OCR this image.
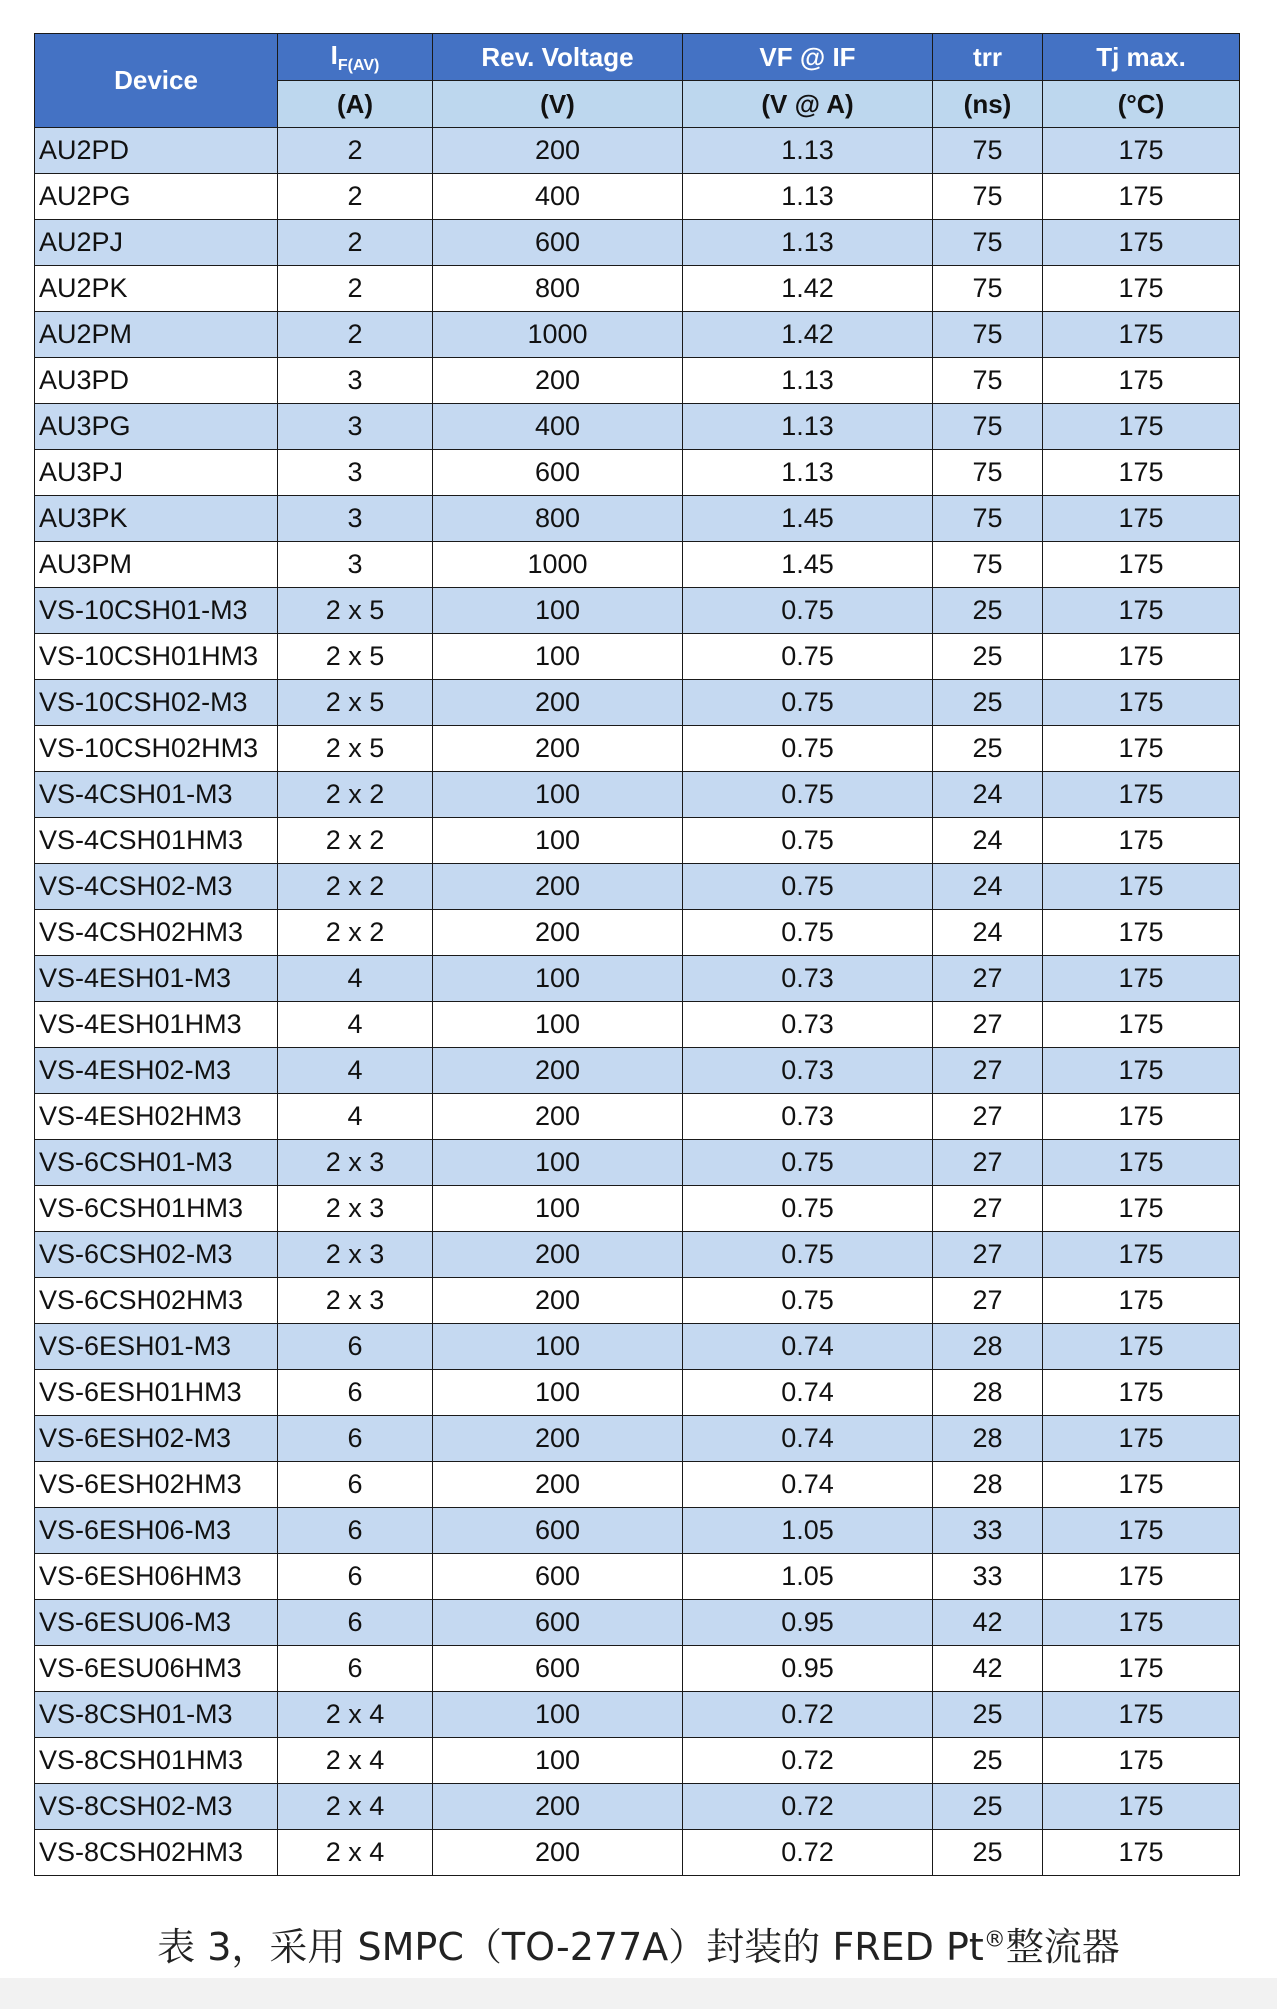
Device	$I_{F(AV)}$	Rev. Voltage	VF @ IF	trr	Tj max.
	(A)	(V)	(V @ A)	(ns)	(°C)
AU2PD	2	200	1.13	75	175
AU2PG	2	400	1.13	75	175
AU2PJ	2	600	1.13	75	175
AU2PK	2	800	1.42	75	175
AU2PM	2	1000	1.42	75	175
AU3PD	3	200	1.13	75	175
AU3PG	3	400	1.13	75	175
AU3PJ	3	600	1.13	75	175
AU3PK	3	800	1.45	75	175
AU3PM	3	1000	1.45	75	175
VS-10CSH01-M3	2 x 5	100	0.75	25	175
VS-10CSH01HM3	2 x 5	100	0.75	25	175
VS-10CSH02-M3	2 x 5	200	0.75	25	175
VS-10CSH02HM3	2 x 5	200	0.75	25	175
VS-4CSH01-M3	2 x 2	100	0.75	24	175
VS-4CSH01HM3	2 x 2	100	0.75	24	175
VS-4CSH02-M3	2 x 2	200	0.75	24	175
VS-4CSH02HM3	2 x 2	200	0.75	24	175
VS-4ESH01-M3	4	100	0.73	27	175
VS-4ESH01HM3	4	100	0.73	27	175
VS-4ESH02-M3	4	200	0.73	27	175
VS-4ESH02HM3	4	200	0.73	27	175
VS-6CSH01-M3	2 x 3	100	0.75	27	175
VS-6CSH01HM3	2 x 3	100	0.75	27	175
VS-6CSH02-M3	2 x 3	200	0.75	27	175
VS-6CSH02HM3	2 x 3	200	0.75	27	175
VS-6ESH01-M3	6	100	0.74	28	175
VS-6ESH01HM3	6	100	0.74	28	175
VS-6ESH02-M3	6	200	0.74	28	175
VS-6ESH02HM3	6	200	0.74	28	175
VS-6ESH06-M3	6	600	1.05	33	175
VS-6ESH06HM3	6	600	1.05	33	175
VS-6ESU06-M3	6	600	0.95	42	175
VS-6ESU06HM3	6	600	0.95	42	175
VS-8CSH01-M3	2 x 4	100	0.72	25	175
VS-8CSH01HM3	2 x 4	100	0.72	25	175
VS-8CSH02-M3	2 x 4	200	0.72	25	175
VS-8CSH02HM3	2 x 4	200	0.72	25	175
表 3，采用 SMPC（TO-277A）封装的 FRED Pt®整流器
